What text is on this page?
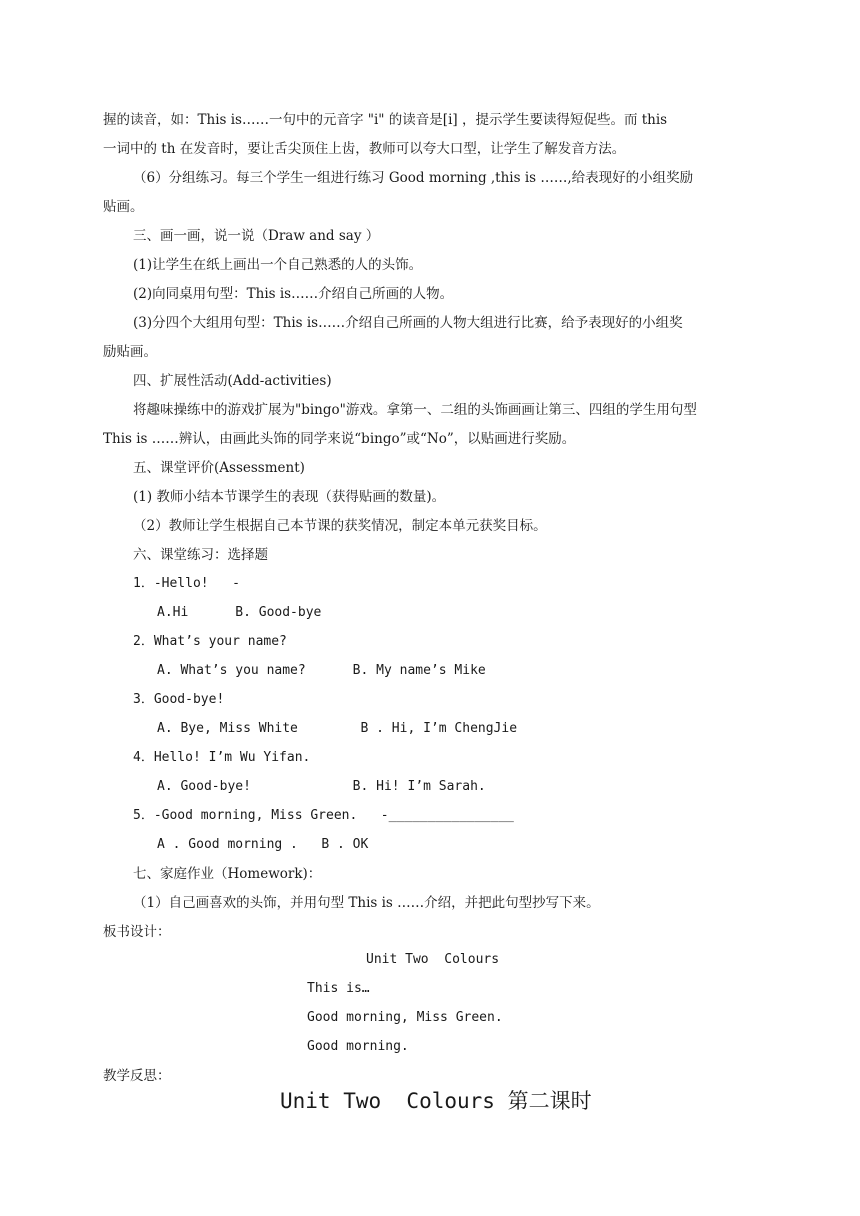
握的读音，如：This is……一句中的元音字 "i" 的读音是[i] ，提示学生要读得短促些。而 this
一词中的 th 在发音时，要让舌尖顶住上齿，教师可以夸大口型，让学生了解发音方法。
（6）分组练习。每三个学生一组进行练习 Good morning ,this is ……,给表现好的小组奖励
贴画。
三、画一画，说一说（Draw and say ）
(1)让学生在纸上画出一个自己熟悉的人的头饰。
(2)向同桌用句型：This is……介绍自己所画的人物。
(3)分四个大组用句型：This is……介绍自己所画的人物大组进行比赛，给予表现好的小组奖
励贴画。
四、扩展性活动(Add-activities)
将趣味操练中的游戏扩展为"bingo"游戏。拿第一、二组的头饰画画让第三、四组的学生用句型
This is ……辨认，由画此头饰的同学来说“bingo”或“No”，以贴画进行奖励。
五、课堂评价(Assessment)
(1) 教师小结本节课学生的表现（获得贴画的数量)。
（2）教师让学生根据自己本节课的获奖情况，制定本单元获奖目标。
六、课堂练习：选择题
1．-Hello!   -
A.Hi      B. Good-bye
2．What’s your name?
A. What’s you name?      B. My name’s Mike
3．Good-bye!
A. Bye, Miss White        B . Hi, I’m ChengJie
4．Hello! I’m Wu Yifan.
A. Good-bye!             B. Hi! I’m Sarah.
5．-Good morning, Miss Green.   -________________
A . Good morning .   B . OK
七、家庭作业（Homework)：
（1）自己画喜欢的头饰，并用句型 This is ……介绍，并把此句型抄写下来。
板书设计：
Unit Two  Colours
This is…
Good morning, Miss Green.
Good morning.
教学反思：
Unit Two  Colours 第二课时
